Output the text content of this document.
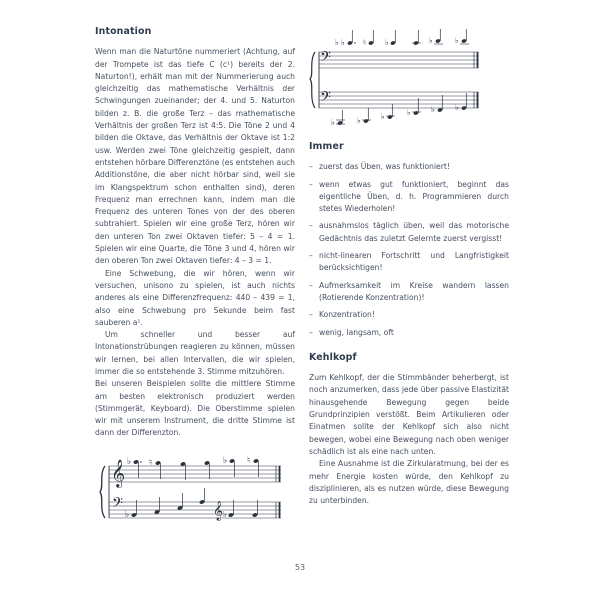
Intonation

Wenn man die Naturtöne nummeriert (Achtung, auf der Trompete ist das tiefe C (c¹) bereits der 2. Naturton!), erhält man mit der Nummerierung auch gleichzeitig das mathematische Verhältnis der Schwingungen zueinander; der 4. und 5. Naturton bilden z. B. die große Terz – das mathematische Verhältnis der großen Terz ist 4:5. Die Töne 2 und 4 bilden die Oktave, das Verhältnis der Oktave ist 1:2 usw. Werden zwei Töne gleichzeitig gespielt, dann entstehen hörbare Differenztöne (es entstehen auch Additionstöne, die aber nicht hörbar sind, weil sie im Klangspektrum schon enthalten sind), deren Frequenz man errechnen kann, indem man die Frequenz des unteren Tones von der des oberen subtrahiert. Spielen wir eine große Terz, hören wir den unteren Ton zwei Oktaven tiefer: 5 – 4 = 1. Spielen wir eine Quarte, die Töne 3 und 4, hören wir den oberen Ton zwei Oktaven tiefer: 4 – 3 = 1.

Eine Schwebung, die wir hören, wenn wir versuchen, unisono zu spielen, ist auch nichts anderes als eine Differenzfrequenz: 440 – 439 = 1, also eine Schwebung pro Sekunde beim fast sauberen a¹.

Um schneller und besser auf Intonationstrübungen reagieren zu können, müssen wir lernen, bei allen Intervallen, die wir spielen, immer die so entstehende 3. Stimme mitzuhören.

Bei unseren Beispielen sollte die mittlere Stimme am besten elektronisch produziert werden (Stimmgerät, Keyboard). Die Oberstimme spielen wir mit unserem Instrument, die dritte Stimme ist dann der Differenzton.

𝄞
𝄢
♭ ♮	♭ ♮
♭	𝄞 ♭
𝄢
𝄢
♭ ♭ ♮ ♭	♭	♭
♭	♭	♭	♭	♭	♭
Immer
– zuerst das Üben, was funktioniert!
– wenn etwas gut funktioniert, beginnt das eigentliche Üben, d. h. Programmieren durch stetes Wiederholen!
– ausnahmslos täglich üben, weil das motorische Gedächtnis das zuletzt Gelernte zuerst vergisst!
– nicht-linearen Fortschritt und Langfristigkeit berücksichtigen!
– Aufmerksamkeit im Kreise wandern lassen (Rotierende Konzentration)!
– Konzentration!
– wenig, langsam, oft
Kehlkopf

Zum Kehlkopf, der die Stimmbänder beherbergt, ist noch anzumerken, dass jede über passive Elastizität hinausgehende Bewegung gegen beide Grundprinzipien verstößt. Beim Artikulieren oder Einatmen sollte der Kehlkopf sich also nicht bewegen, wobei eine Bewegung nach oben weniger schädlich ist als eine nach unten.

Eine Ausnahme ist die Zirkularatmung, bei der es mehr Energie kosten würde, den Kehlkopf zu disziplinieren, als es nutzen würde, diese Bewegung zu unterbinden.

53
